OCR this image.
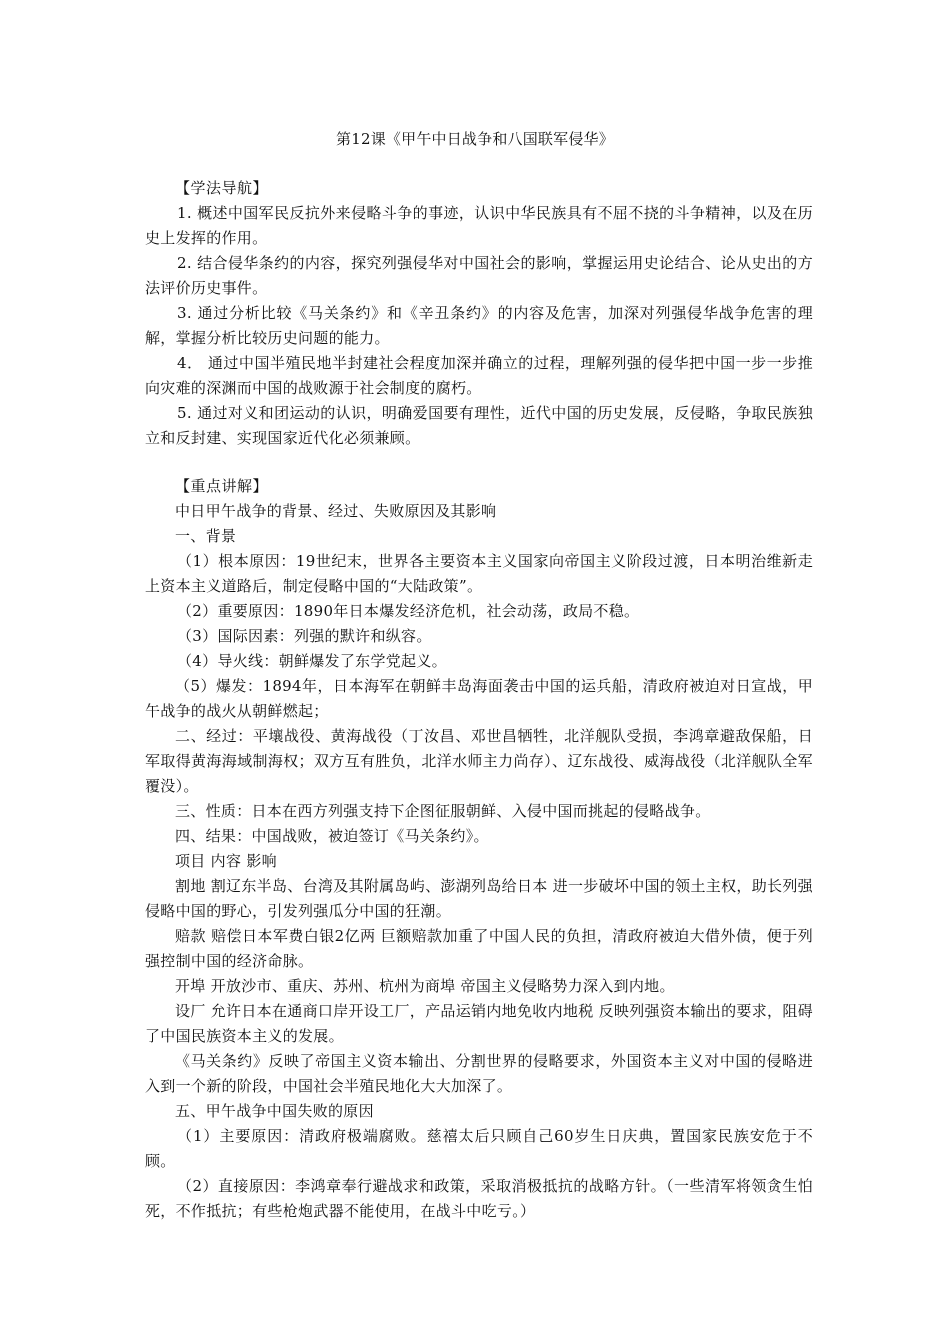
第12课《甲午中日战争和八国联军侵华》
【学法导航】

1. 概述中国军民反抗外来侵略斗争的事迹，认识中华民族具有不屈不挠的斗争精神，以及在历史上发挥的作用。

2. 结合侵华条约的内容，探究列强侵华对中国社会的影响，掌握运用史论结合、论从史出的方法评价历史事件。

3. 通过分析比较《马关条约》和《辛丑条约》的内容及危害，加深对列强侵华战争危害的理解，掌握分析比较历史问题的能力。

4． 通过中国半殖民地半封建社会程度加深并确立的过程，理解列强的侵华把中国一步一步推向灾难的深渊而中国的战败源于社会制度的腐朽。

5. 通过对义和团运动的认识，明确爱国要有理性，近代中国的历史发展，反侵略，争取民族独立和反封建、实现国家近代化必须兼顾。

【重点讲解】

中日甲午战争的背景、经过、失败原因及其影响

一、背景

（1）根本原因：19世纪末，世界各主要资本主义国家向帝国主义阶段过渡，日本明治维新走上资本主义道路后，制定侵略中国的“大陆政策”。

（2）重要原因：1890年日本爆发经济危机，社会动荡，政局不稳。

（3）国际因素：列强的默许和纵容。

（4）导火线：朝鲜爆发了东学党起义。

（5）爆发：1894年，日本海军在朝鲜丰岛海面袭击中国的运兵船，清政府被迫对日宣战，甲午战争的战火从朝鲜燃起；

二、经过：平壤战役、黄海战役（丁汝昌、邓世昌牺牲，北洋舰队受损，李鸿章避敌保船，日军取得黄海海域制海权；双方互有胜负，北洋水师主力尚存）、辽东战役、威海战役（北洋舰队全军覆没）。

三、性质：日本在西方列强支持下企图征服朝鲜、入侵中国而挑起的侵略战争。

四、结果：中国战败，被迫签订《马关条约》。

项目 内容 影响

割地 割辽东半岛、台湾及其附属岛屿、澎湖列岛给日本 进一步破坏中国的领土主权，助长列强侵略中国的野心，引发列强瓜分中国的狂潮。

赔款 赔偿日本军费白银2亿两 巨额赔款加重了中国人民的负担，清政府被迫大借外债，便于列强控制中国的经济命脉。

开埠 开放沙市、重庆、苏州、杭州为商埠 帝国主义侵略势力深入到内地。

设厂 允许日本在通商口岸开设工厂，产品运销内地免收内地税 反映列强资本输出的要求，阻碍了中国民族资本主义的发展。

《马关条约》反映了帝国主义资本输出、分割世界的侵略要求，外国资本主义对中国的侵略进入到一个新的阶段，中国社会半殖民地化大大加深了。

五、甲午战争中国失败的原因

（1）主要原因：清政府极端腐败。慈禧太后只顾自己60岁生日庆典，置国家民族安危于不顾。

（2）直接原因：李鸿章奉行避战求和政策，采取消极抵抗的战略方针。（一些清军将领贪生怕死，不作抵抗；有些枪炮武器不能使用，在战斗中吃亏。）
